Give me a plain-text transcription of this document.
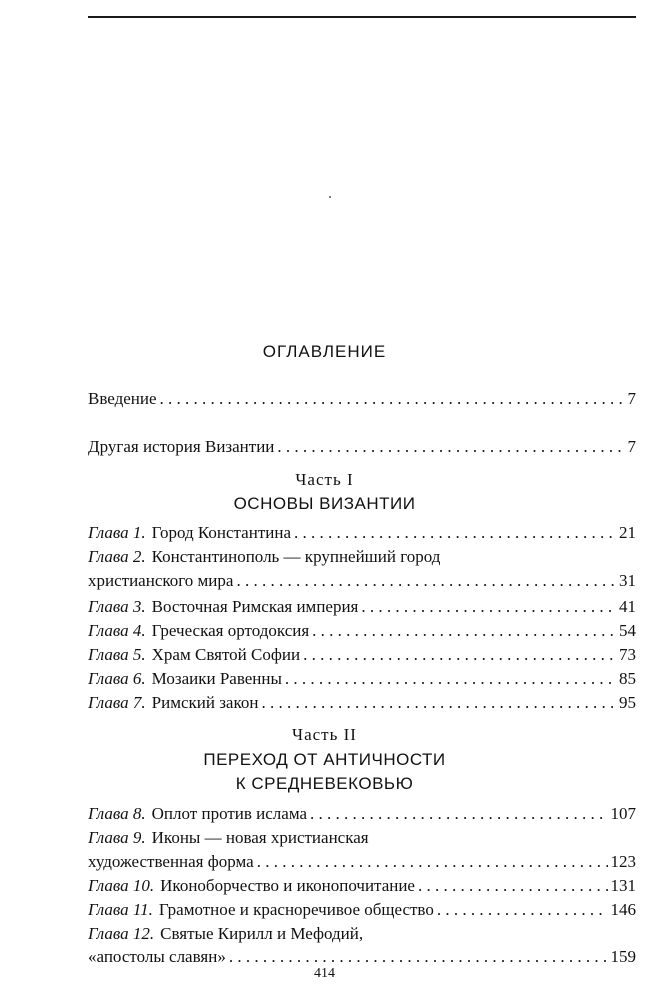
ОГЛАВЛЕНИЕ
Введение . . .	7
Другая история Византии . . .	7
Часть I
ОСНОВЫ ВИЗАНТИИ
Глава 1. Город Константина . . .	21
Глава 2. Константинополь — крупнейший город
христианского мира . . .	31
Глава 3. Восточная Римская империя . . .	41
Глава 4. Греческая ортодоксия . . .	54
Глава 5. Храм Святой Софии . . .	73
Глава 6. Мозаики Равенны . . .	85
Глава 7. Римский закон . . .	95
Часть II
ПЕРЕХОД ОТ АНТИЧНОСТИ
К СРЕДНЕВЕКОВЬЮ
Глава 8. Оплот против ислама . . .	107
Глава 9. Иконы — новая христианская
художественная форма . . .	123
Глава 10. Иконоборчество и иконопочитание . . .	131
Глава 11. Грамотное и красноречивое общество . . .	146
Глава 12. Святые Кирилл и Мефодий,
«апостолы славян» . . .	159
414
